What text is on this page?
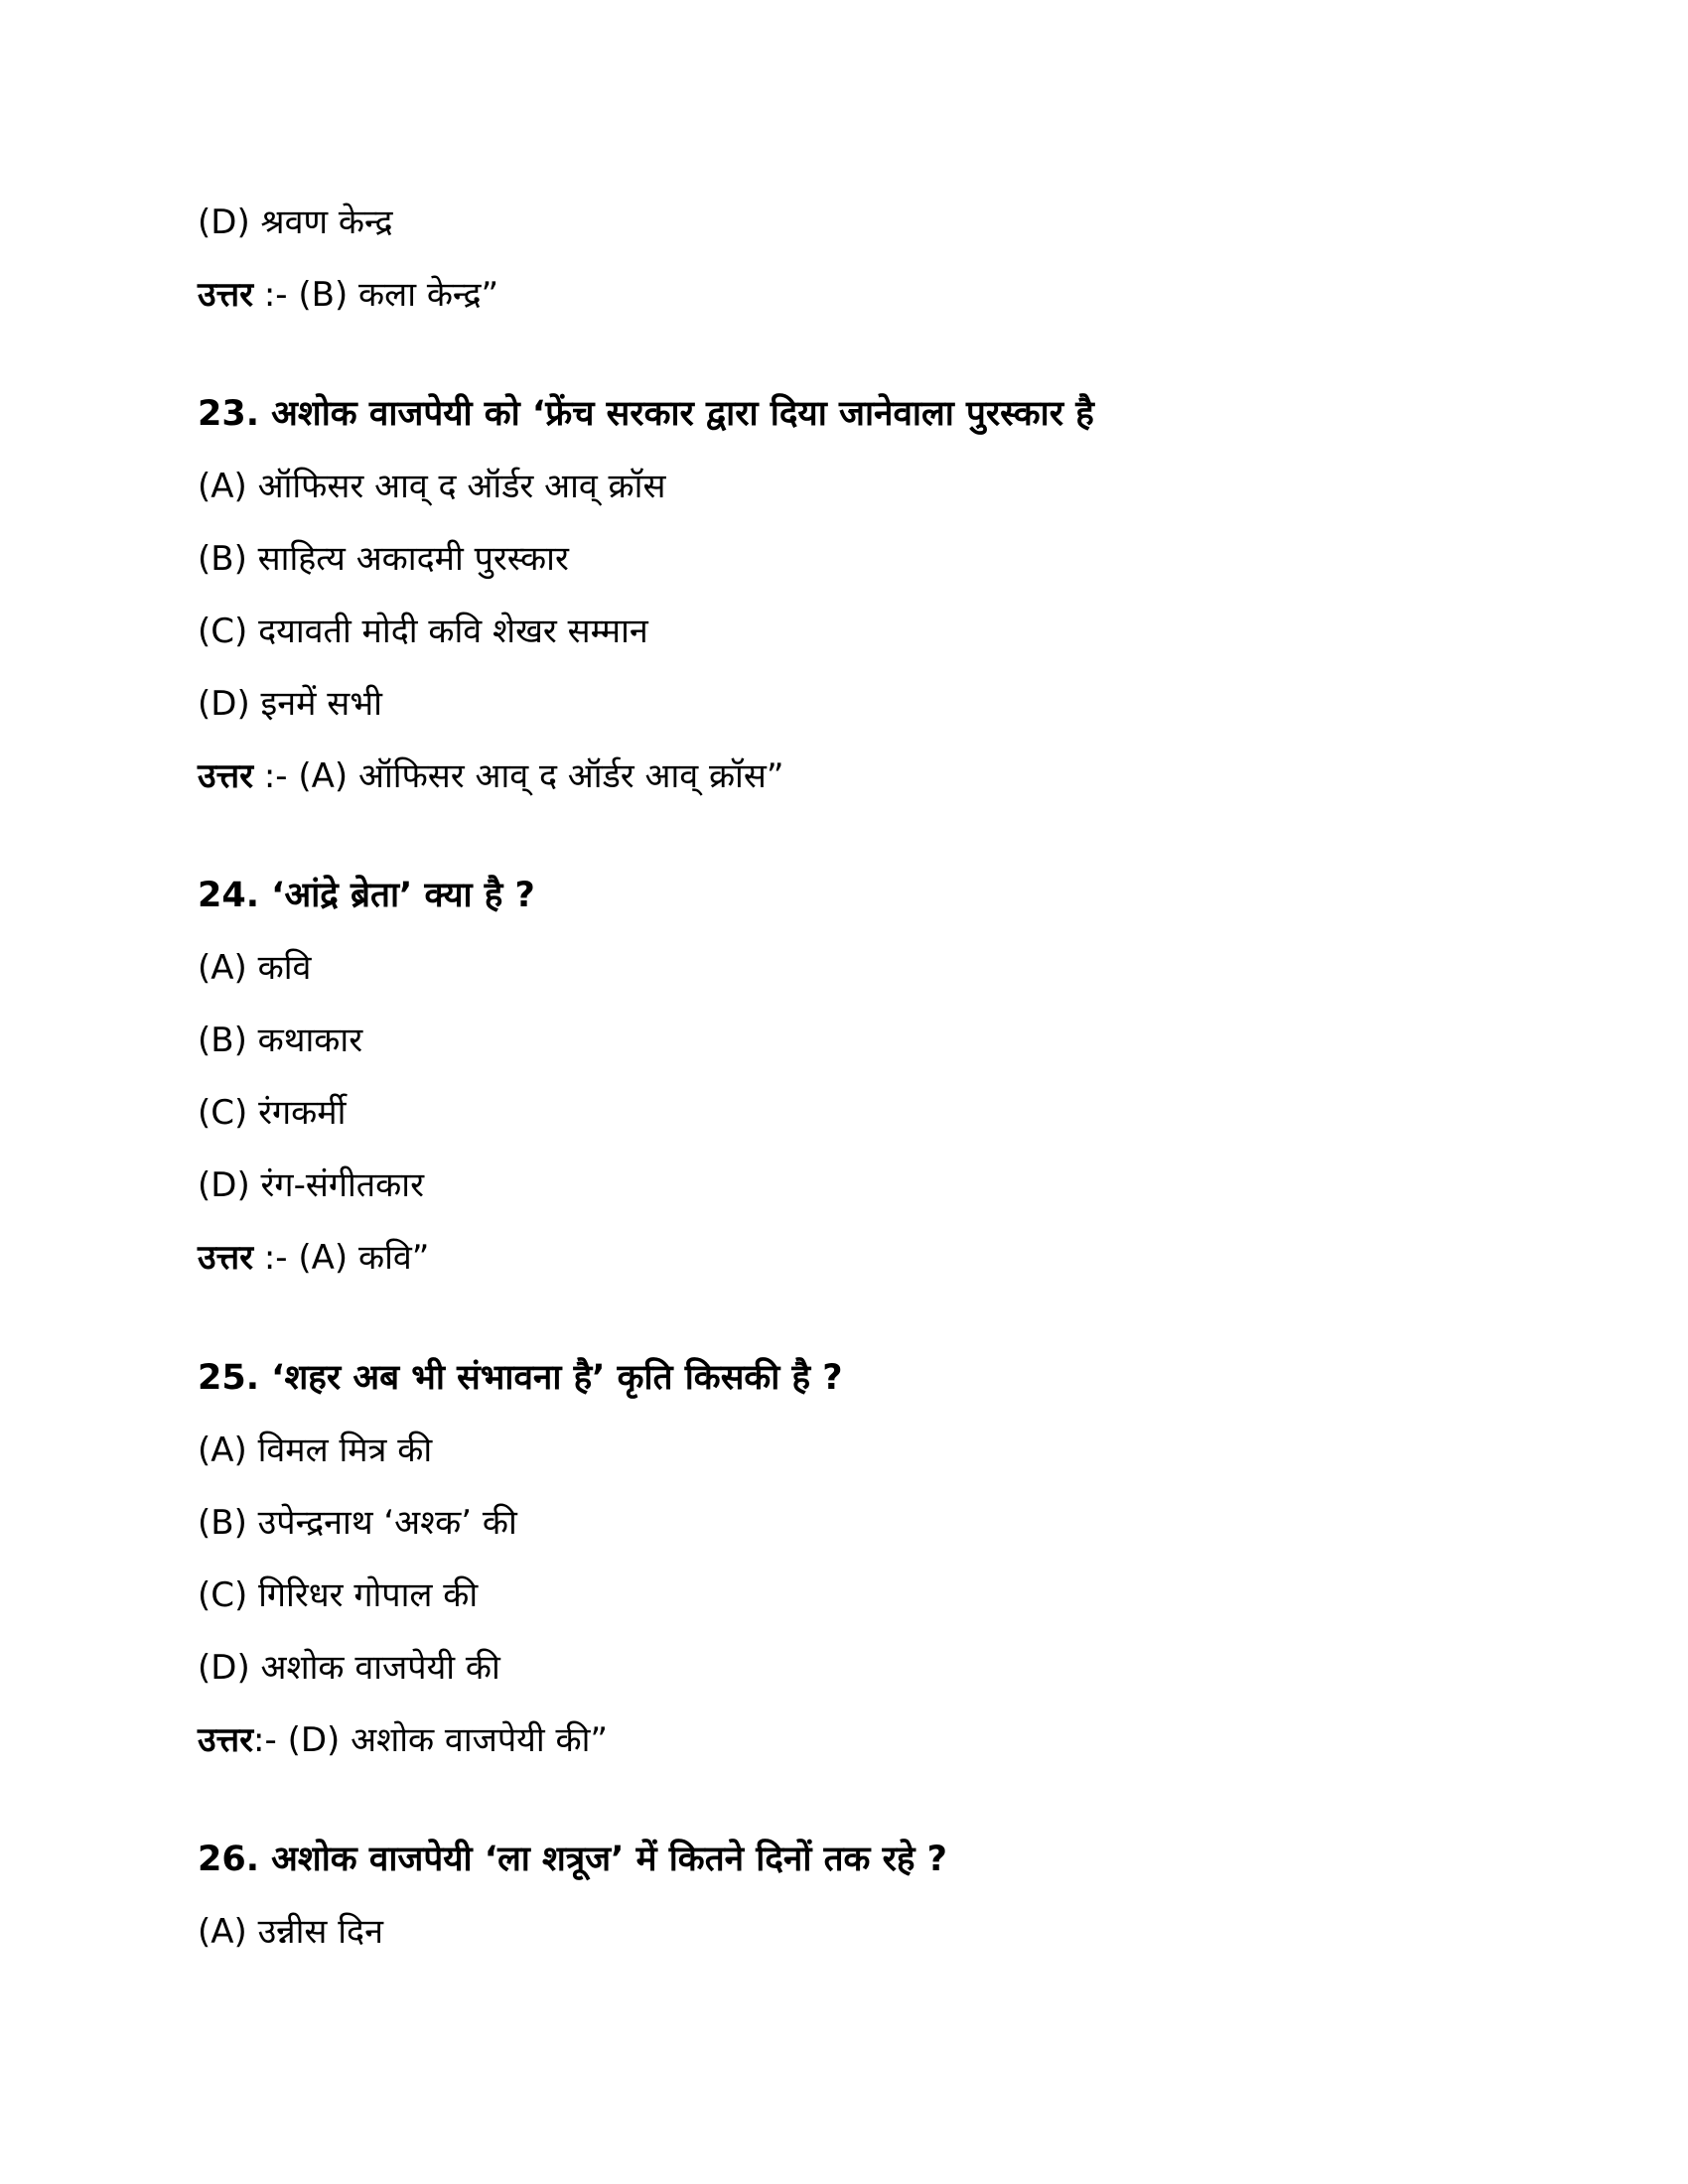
(D) श्रवण केन्द्र
उत्तर :- (B) कला केन्द्र”
23. अशोक वाजपेयी को ‘फ्रेंच सरकार द्वारा दिया जानेवाला पुरस्कार है
(A) ऑफिसर आव् द ऑर्डर आव् क्रॉस
(B) साहित्य अकादमी पुरस्कार
(C) दयावती मोदी कवि शेखर सम्मान
(D) इनमें सभी
उत्तर :- (A) ऑफिसर आव् द ऑर्डर आव् क्रॉस”
24. ‘आंद्रे ब्रेता’ क्या है ?
(A) कवि
(B) कथाकार
(C) रंगकर्मी
(D) रंग-संगीतकार
उत्तर :- (A) कवि”
25. ‘शहर अब भी संभावना है’ कृति किसकी है ?
(A) विमल मित्र की
(B) उपेन्द्रनाथ ‘अश्क’ की
(C) गिरिधर गोपाल की
(D) अशोक वाजपेयी की
उत्तर:- (D) अशोक वाजपेयी की”
26. अशोक वाजपेयी ‘ला शत्रूज’ में कितने दिनों तक रहे ?
(A) उन्नीस दिन
